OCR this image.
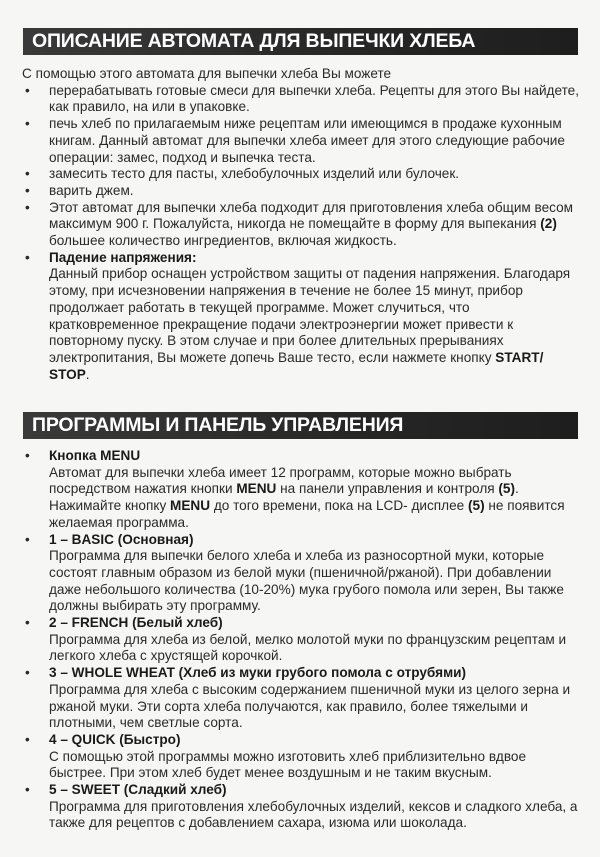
ОПИСАНИЕ АВТОМАТА ДЛЯ ВЫПЕЧКИ ХЛЕБА

С помощью этого автомата для выпечки хлеба Вы можете

• перерабатывать готовые смеси для выпечки хлеба. Рецепты для этого Вы найдете, как правило, на или в упаковке.
• печь хлеб по прилагаемым ниже рецептам или имеющимся в продаже кухонным книгам. Данный автомат для выпечки хлеба имеет для этого следующие рабочие операции: замес, подход и выпечка теста.
• замесить тесто для пасты, хлебобулочных изделий или булочек.
• варить джем.
• Этот автомат для выпечки хлеба подходит для приготовления хлеба общим весом максимум 900 г. Пожалуйста, никогда не помещайте в форму для выпекания (2) большее количество ингредиентов, включая жидкость.
• Падение напряжения:
Данный прибор оснащен устройством защиты от падения напряжения. Благодаря этому, при исчезновении напряжения в течение не более 15 минут, прибор продолжает работать в текущей программе. Может случиться, что кратковременное прекращение подачи электроэнергии может привести к повторному пуску. В этом случае и при более длительных прерываниях электропитания, Вы можете допечь Ваше тесто, если нажмете кнопку START/ STOP.
ПРОГРАММЫ И ПАНЕЛЬ УПРАВЛЕНИЯ
• Кнопка MENU
Автомат для выпечки хлеба имеет 12 программ, которые можно выбрать посредством нажатия кнопки MENU на панели управления и контроля (5). Нажимайте кнопку MENU до того времени, пока на LCD- дисплее (5) не появится желаемая программа.
• 1 – BASIC (Основная)
Программа для выпечки белого хлеба и хлеба из разносортной муки, которые состоят главным образом из белой муки (пшеничной/ржаной). При добавлении даже небольшого количества (10-20%) мука грубого помола или зерен, Вы также должны выбирать эту программу.
• 2 – FRENCH (Белый хлеб)
Программа для хлеба из белой, мелко молотой муки по французским рецептам и легкого хлеба с хрустящей корочкой.
• 3 – WHOLE WHEAT (Хлеб из муки грубого помола с отрубями)
Программа для хлеба с высоким содержанием пшеничной муки из целого зерна и ржаной муки. Эти сорта хлеба получаются, как правило, более тяжелыми и плотными, чем светлые сорта.
• 4 – QUICK (Быстро)
С помощью этой программы можно изготовить хлеб приблизительно вдвое быстрее. При этом хлеб будет менее воздушным и не таким вкусным.
• 5 – SWEET (Сладкий хлеб)
Программа для приготовления хлебобулочных изделий, кексов и сладкого хлеба, а также для рецептов с добавлением сахара, изюма или шоколада.
